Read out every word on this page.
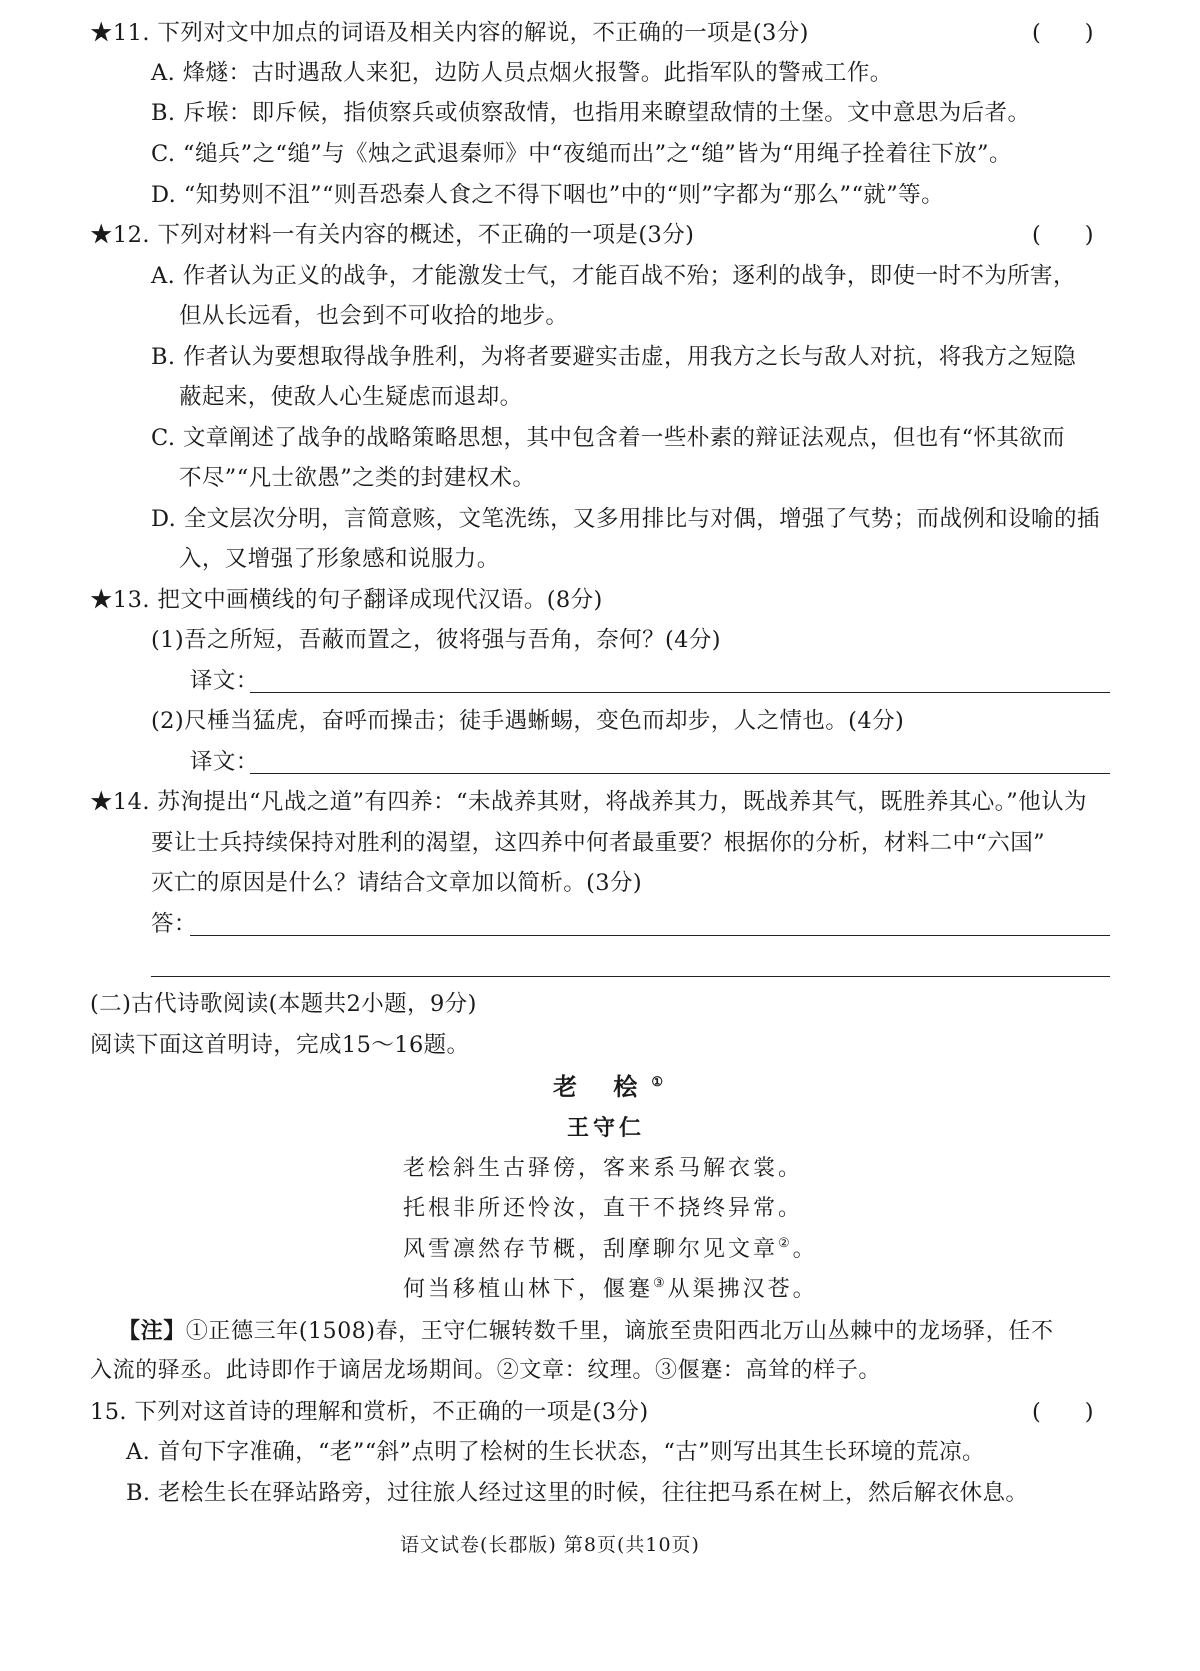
★11. 下列对文中加点的词语及相关内容的解说，不正确的一项是(3分)	( )
A. 烽燧：古时遇敌人来犯，边防人员点烟火报警。此指军队的警戒工作。
B. 斥堠：即斥候，指侦察兵或侦察敌情，也指用来瞭望敌情的土堡。文中意思为后者。
C. “缒兵”之“缒”与《烛之武退秦师》中“夜缒而出”之“缒”皆为“用绳子拴着往下放”。
D. “知势则不沮”“则吾恐秦人食之不得下咽也”中的“则”字都为“那么”“就”等。
★12. 下列对材料一有关内容的概述，不正确的一项是(3分)	( )
A. 作者认为正义的战争，才能激发士气，才能百战不殆；逐利的战争，即使一时不为所害，
但从长远看，也会到不可收拾的地步。
B. 作者认为要想取得战争胜利，为将者要避实击虚，用我方之长与敌人对抗，将我方之短隐
蔽起来，使敌人心生疑虑而退却。
C. 文章阐述了战争的战略策略思想，其中包含着一些朴素的辩证法观点，但也有“怀其欲而
不尽”“凡士欲愚”之类的封建权术。
D. 全文层次分明，言简意赅，文笔洗练，又多用排比与对偶，增强了气势；而战例和设喻的插
入，又增强了形象感和说服力。
★13. 把文中画横线的句子翻译成现代汉语。(8分)
(1)吾之所短，吾蔽而置之，彼将强与吾角，奈何？(4分)
译文：
(2)尺棰当猛虎，奋呼而操击；徒手遇蜥蜴，变色而却步，人之情也。(4分)
译文：
★14. 苏洵提出“凡战之道”有四养：“未战养其财，将战养其力，既战养其气，既胜养其心。”他认为
要让士兵持续保持对胜利的渴望，这四养中何者最重要？根据你的分析，材料二中“六国”
灭亡的原因是什么？请结合文章加以简析。(3分)
答：
(二)古代诗歌阅读(本题共2小题，9分)
阅读下面这首明诗，完成15～16题。
老 桧①
王守仁
老桧斜生古驿傍，客来系马解衣裳。
托根非所还怜汝，直干不挠终异常。
风雪凛然存节概，刮摩聊尔见文章②。
何当移植山林下，偃蹇③从渠拂汉苍。
【注】①正德三年(1508)春，王守仁辗转数千里，谪旅至贵阳西北万山丛棘中的龙场驿，任不
入流的驿丞。此诗即作于谪居龙场期间。②文章：纹理。③偃蹇：高耸的样子。
15. 下列对这首诗的理解和赏析，不正确的一项是(3分)	( )
A. 首句下字准确，“老”“斜”点明了桧树的生长状态，“古”则写出其生长环境的荒凉。
B. 老桧生长在驿站路旁，过往旅人经过这里的时候，往往把马系在树上，然后解衣休息。
语文试卷(长郡版) 第8页(共10页)
